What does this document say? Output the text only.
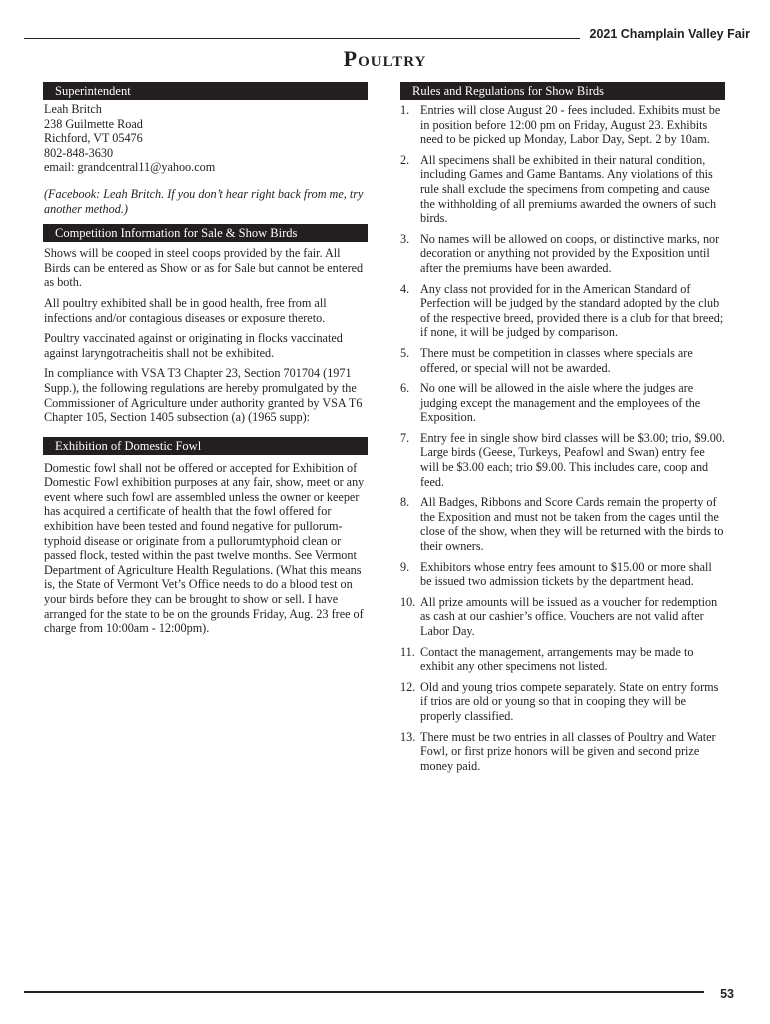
2021 Champlain Valley Fair
Poultry
Superintendent

Leah Britch

238 Guilmette Road

Richford, VT 05476

802-848-3630

email: grandcentral11@yahoo.com

(Facebook: Leah Britch. If you don’t hear right back from me, try another method.)

Competition Information for Sale & Show Birds

Shows will be cooped in steel coops provided by the fair. All Birds can be entered as Show or as for Sale but cannot be entered as both.

All poultry exhibited shall be in good health, free from all infections and/or contagious diseases or exposure thereto.

Poultry vaccinated against or originating in flocks vaccinated against laryngotracheitis shall not be exhibited.

In compliance with VSA T3 Chapter 23, Section 701704 (1971 Supp.), the following regulations are hereby promulgated by the Commissioner of Agriculture under authority granted by VSA T6 Chapter 105, Section 1405 subsection (a) (1965 supp):

Exhibition of Domestic Fowl

Domestic fowl shall not be offered or accepted for Exhibition of Domestic Fowl exhibition purposes at any fair, show, meet or any event where such fowl are assembled unless the owner or keeper has acquired a certificate of health that the fowl offered for exhibition have been tested and found negative for pullorum-typhoid disease or originate from a pullorumtyphoid clean or passed flock, tested within the past twelve months. See Vermont Department of Agriculture Health Regulations. (What this means is, the State of Vermont Vet’s Office needs to do a blood test on your birds before they can be brought to show or sell. I have arranged for the state to be on the grounds Friday, Aug. 23 free of charge from 10:00am - 12:00pm).

Rules and Regulations for Show Birds
1. Entries will close August 20 - fees included. Exhibits must be in position before 12:00 pm on Friday, August 23. Exhibits need to be picked up Monday, Labor Day, Sept. 2 by 10am.
2. All specimens shall be exhibited in their natural condition, including Games and Game Bantams. Any violations of this rule shall exclude the specimens from competing and cause the withholding of all premiums awarded the owners of such birds.
3. No names will be allowed on coops, or distinctive marks, nor decoration or anything not provided by the Exposition until after the premiums have been awarded.
4. Any class not provided for in the American Standard of Perfection will be judged by the standard adopted by the club of the respective breed, provided there is a club for that breed; if none, it will be judged by comparison.
5. There must be competition in classes where specials are offered, or special will not be awarded.
6. No one will be allowed in the aisle where the judges are judging except the management and the employees of the Exposition.
7. Entry fee in single show bird classes will be $3.00; trio, $9.00. Large birds (Geese, Turkeys, Peafowl and Swan) entry fee will be $3.00 each; trio $9.00. This includes care, coop and feed.
8. All Badges, Ribbons and Score Cards remain the property of the Exposition and must not be taken from the cages until the close of the show, when they will be returned with the birds to their owners.
9. Exhibitors whose entry fees amount to $15.00 or more shall be issued two admission tickets by the department head.
10. All prize amounts will be issued as a voucher for redemption as cash at our cashier’s office. Vouchers are not valid after Labor Day.
11. Contact the management, arrangements may be made to exhibit any other specimens not listed.
12. Old and young trios compete separately. State on entry forms if trios are old or young so that in cooping they will be properly classified.
13. There must be two entries in all classes of Poultry and Water Fowl, or first prize honors will be given and second prize money paid.
53
